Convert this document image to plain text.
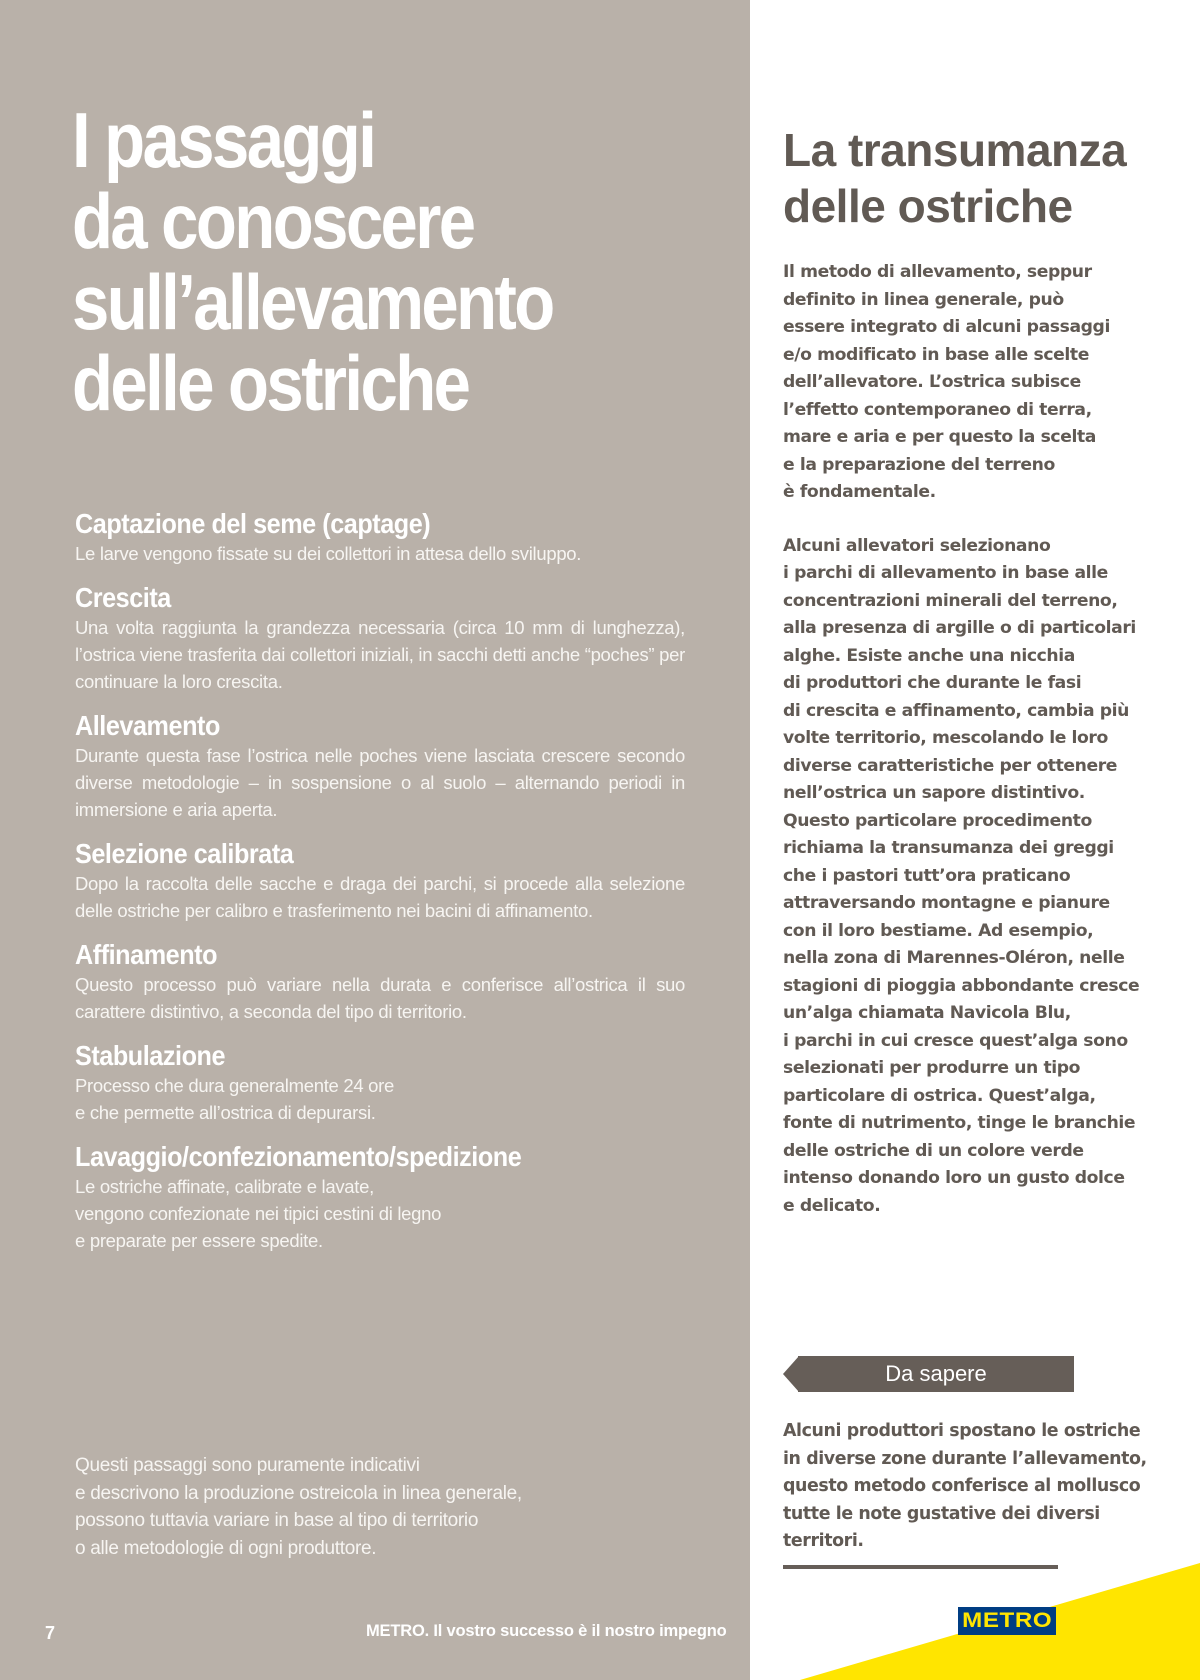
I passaggi
da conoscere
sull’allevamento
delle ostriche
Captazione del seme (captage)

Le larve vengono fissate su dei collettori in attesa dello sviluppo.

Crescita

Una volta raggiunta la grandezza necessaria (circa 10 mm di lunghezza), l’ostrica viene trasferita dai collettori iniziali, in sacchi detti anche “poches” per continuare la loro crescita.

Allevamento

Durante questa fase l’ostrica nelle poches viene lasciata crescere secondo diverse metodologie – in sospensione o al suolo – alternando periodi in immersione e aria aperta.

Selezione calibrata

Dopo la raccolta delle sacche e draga dei parchi, si procede alla selezione delle ostriche per calibro e trasferimento nei bacini di affinamento.

Affinamento

Questo processo può variare nella durata e conferisce all’ostrica il suo carattere distintivo, a seconda del tipo di territorio.

Stabulazione

Processo che dura generalmente 24 ore
e che permette all’ostrica di depurarsi.

Lavaggio/confezionamento/spedizione

Le ostriche affinate, calibrate e lavate,
vengono confezionate nei tipici cestini di legno
e preparate per essere spedite.

Questi passaggi sono puramente indicativi
e descrivono la produzione ostreicola in linea generale,
possono tuttavia variare in base al tipo di territorio
o alle metodologie di ogni produttore.

7	METRO. Il vostro successo è il nostro impegno
La transumanza
delle ostriche

Il metodo di allevamento, seppur
definito in linea generale, può
essere integrato di alcuni passaggi
e/o modificato in base alle scelte
dell’allevatore. L’ostrica subisce
l’effetto contemporaneo di terra,
mare e aria e per questo la scelta
e la preparazione del terreno
è fondamentale.

Alcuni allevatori selezionano
i parchi di allevamento in base alle
concentrazioni minerali del terreno,
alla presenza di argille o di particolari
alghe. Esiste anche una nicchia
di produttori che durante le fasi
di crescita e affinamento, cambia più
volte territorio, mescolando le loro
diverse caratteristiche per ottenere
nell’ostrica un sapore distintivo.
Questo particolare procedimento
richiama la transumanza dei greggi
che i pastori tutt’ora praticano
attraversando montagne e pianure
con il loro bestiame. Ad esempio,
nella zona di Marennes-Oléron, nelle
stagioni di pioggia abbondante cresce
un’alga chiamata Navicola Blu,
i parchi in cui cresce quest’alga sono
selezionati per produrre un tipo
particolare di ostrica. Quest’alga,
fonte di nutrimento, tinge le branchie
delle ostriche di un colore verde
intenso donando loro un gusto dolce
e delicato.

Da sapere
Alcuni produttori spostano le ostriche
in diverse zone durante l’allevamento,
questo metodo conferisce al mollusco
tutte le note gustative dei diversi
territori.
METRO
